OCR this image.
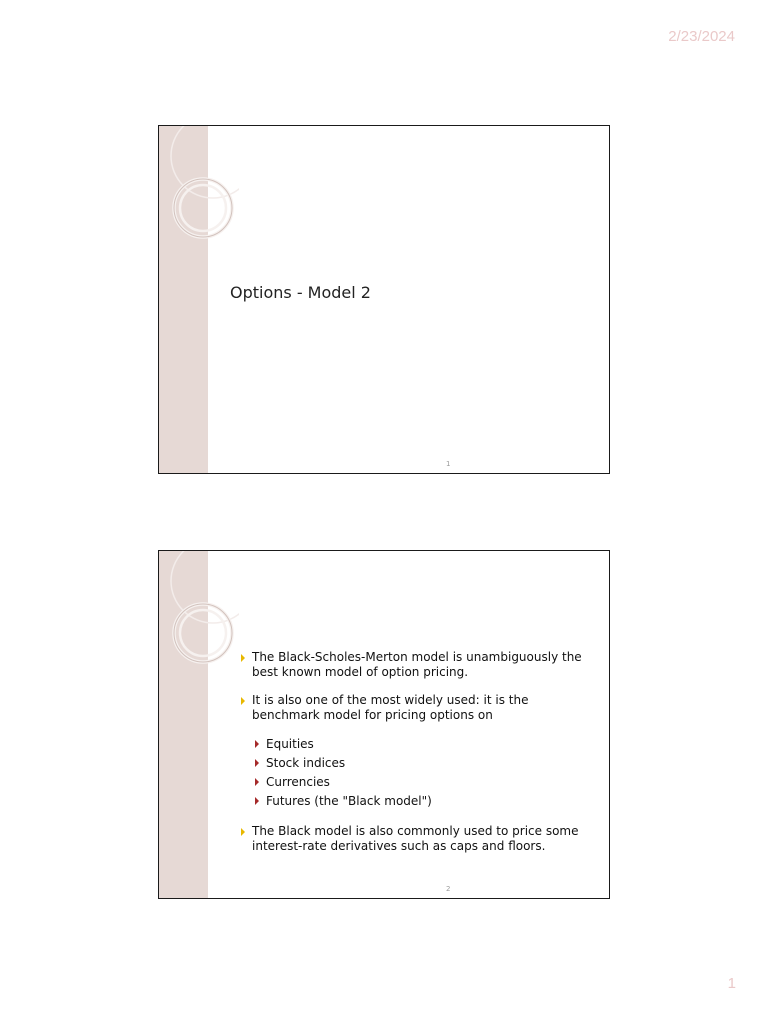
2/23/2024
Options - Model 2
1
The Black-Scholes-Merton model is unambiguously the best known model of option pricing.
It is also one of the most widely used: it is the benchmark model for pricing options on
Equities
Stock indices
Currencies
Futures (the "Black model")
The Black model is also commonly used to price some interest-rate derivatives such as caps and floors.
2
1
